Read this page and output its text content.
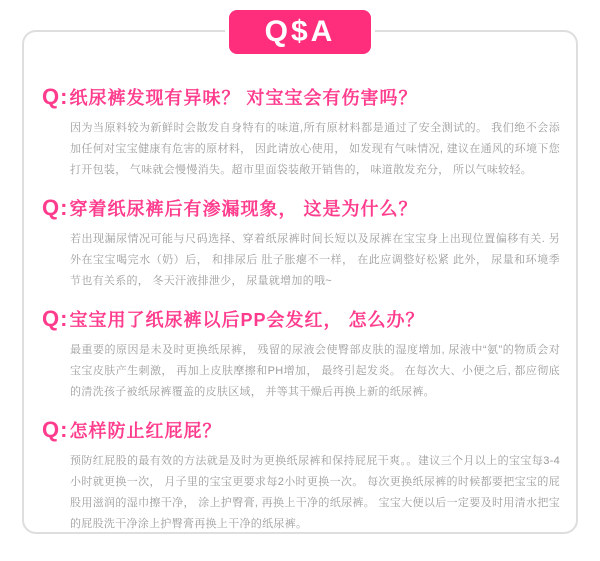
Q$A
Q:纸尿裤发现有异味？ 对宝宝会有伤害吗？

因为当原料较为新鲜时会散发自身特有的味道,所有原材料都是通过了安全测试的。 我们绝不会添加任何对宝宝健康有危害的原材料， 因此请放心使用， 如发现有气味情况, 建议在通风的环境下您打开包装， 气味就会慢慢消失。超市里面袋装敞开销售的， 味道散发充分， 所以气味较轻。

Q:穿着纸尿裤后有渗漏现象， 这是为什么？

若出现漏尿情况可能与尺码选择、穿着纸尿裤时间长短以及尿裤在宝宝身上出现位置偏移有关. 另外在宝宝喝完水（奶）后， 和排尿后 肚子胀瘪不一样， 在此应调整好松紧 此外， 尿量和环境季节也有关系的， 冬天汗液排泄少， 尿量就增加的哦~

Q:宝宝用了纸尿裤以后PP会发红， 怎么办？

最重要的原因是未及时更换纸尿裤， 残留的尿液会使臀部皮肤的湿度增加, 尿液中“氨”的物质会对宝宝皮肤产生刺激， 再加上皮肤摩擦和PH增加， 最终引起发炎。 在每次大、小便之后, 都应彻底的清洗孩子被纸尿裤覆盖的皮肤区域， 并等其干燥后再换上新的纸尿裤。

Q:怎样防止红屁屁？

预防红屁股的最有效的方法就是及时为更换纸尿裤和保持屁屁干爽。。建议三个月以上的宝宝每3-4小时就更换一次， 月子里的宝宝更要求每2小时更换一次。 每次更换纸尿裤的时候都要把宝宝的屁股用滋润的湿巾擦干净， 涂上护臀膏, 再换上干净的纸尿裤。 宝宝大便以后一定要及时用清水把宝的屁股洗干净涂上护臀膏再换上干净的纸尿裤。
